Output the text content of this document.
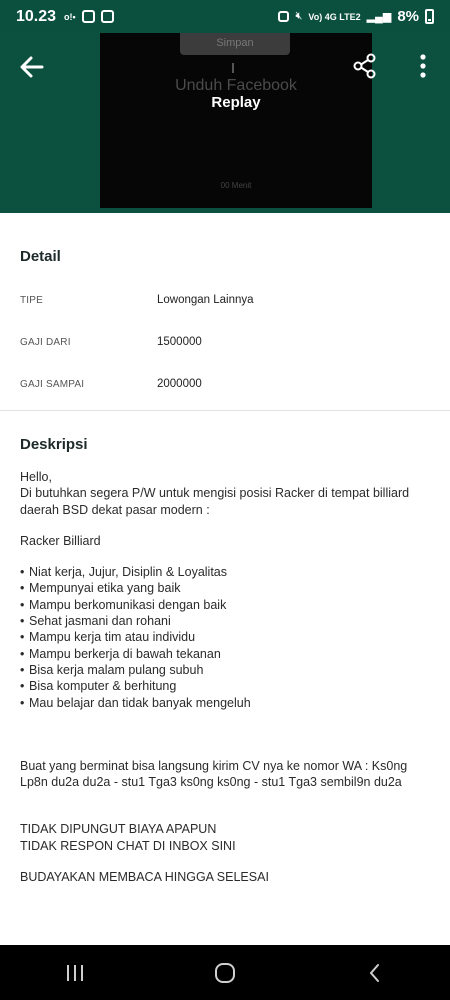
10.23 o!•	🔇︎ Vo) 4G LTE2 ▂▄▆ 8%
Simpan
Unduh Facebook
Replay
00 Menit
Detail
TIPE	Lowongan Lainnya
GAJI DARI	1500000
GAJI SAMPAI	2000000
Deskripsi
Hello,
Di butuhkan segera P/W untuk mengisi posisi Racker di tempat billiard daerah BSD dekat pasar modern :
Racker Billiard
• Niat kerja, Jujur, Disiplin & Loyalitas
• Mempunyai etika yang baik
• Mampu berkomunikasi dengan baik
• Sehat jasmani dan rohani
• Mampu kerja tim atau individu
• Mampu berkerja di bawah tekanan
• Bisa kerja malam pulang subuh
• Bisa komputer & berhitung
• Mau belajar dan tidak banyak mengeluh
Buat yang berminat bisa langsung kirim CV nya ke nomor WA : Ks0ng Lp8n du2a du2a - stu1 Tga3 ks0ng ks0ng - stu1 Tga3 sembil9n du2a
TIDAK DIPUNGUT BIAYA APAPUN
TIDAK RESPON CHAT DI INBOX SINI
BUDAYAKAN MEMBACA HINGGA SELESAI
